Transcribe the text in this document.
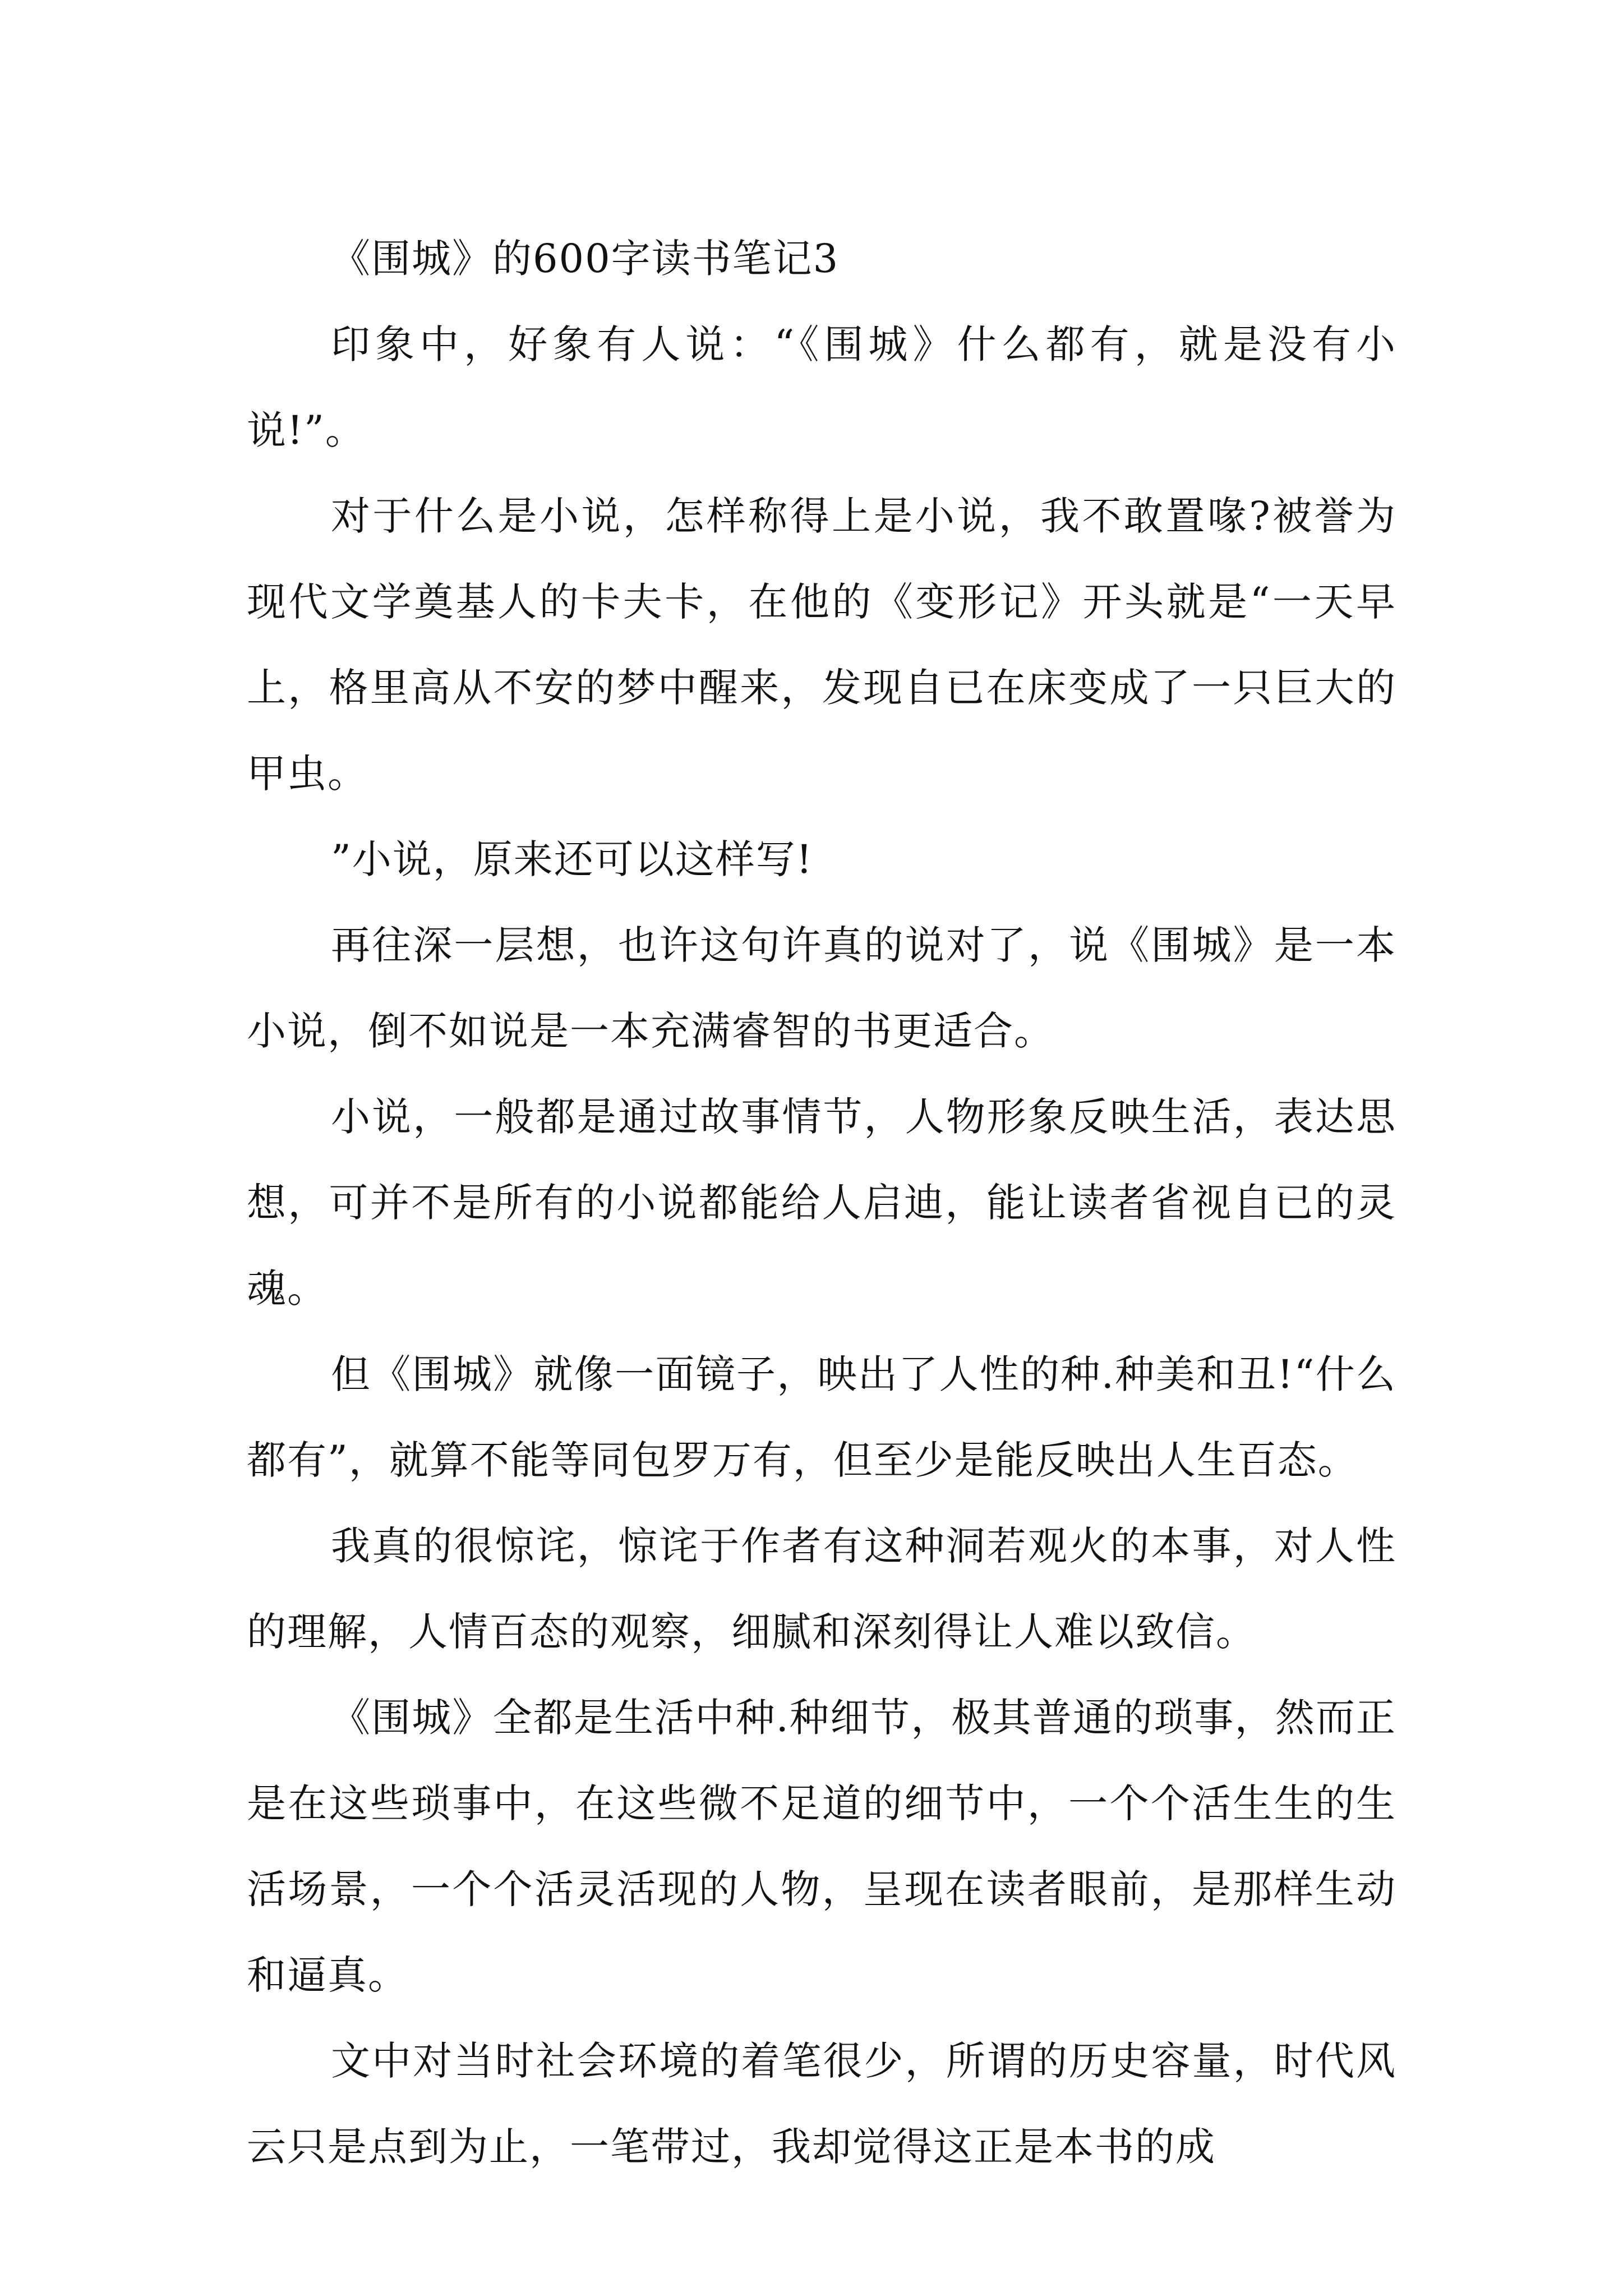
《围城》的600字读书笔记3

印象中，好象有人说：“《围城》什么都有，就是没有小说!”。

对于什么是小说，怎样称得上是小说，我不敢置喙?被誉为现代文学奠基人的卡夫卡，在他的《变形记》开头就是“一天早上，格里高从不安的梦中醒来，发现自已在床变成了一只巨大的甲虫。

”小说，原来还可以这样写!

再往深一层想，也许这句许真的说对了，说《围城》是一本小说，倒不如说是一本充满睿智的书更适合。

小说，一般都是通过故事情节，人物形象反映生活，表达思想，可并不是所有的小说都能给人启迪，能让读者省视自已的灵魂。

但《围城》就像一面镜子，映出了人性的种.种美和丑!“什么都有”，就算不能等同包罗万有，但至少是能反映出人生百态。

我真的很惊诧，惊诧于作者有这种洞若观火的本事，对人性的理解，人情百态的观察，细腻和深刻得让人难以致信。

《围城》全都是生活中种.种细节，极其普通的琐事，然而正是在这些琐事中，在这些微不足道的细节中，一个个活生生的生活场景，一个个活灵活现的人物，呈现在读者眼前，是那样生动和逼真。

文中对当时社会环境的着笔很少，所谓的历史容量，时代风云只是点到为止，一笔带过，我却觉得这正是本书的成
